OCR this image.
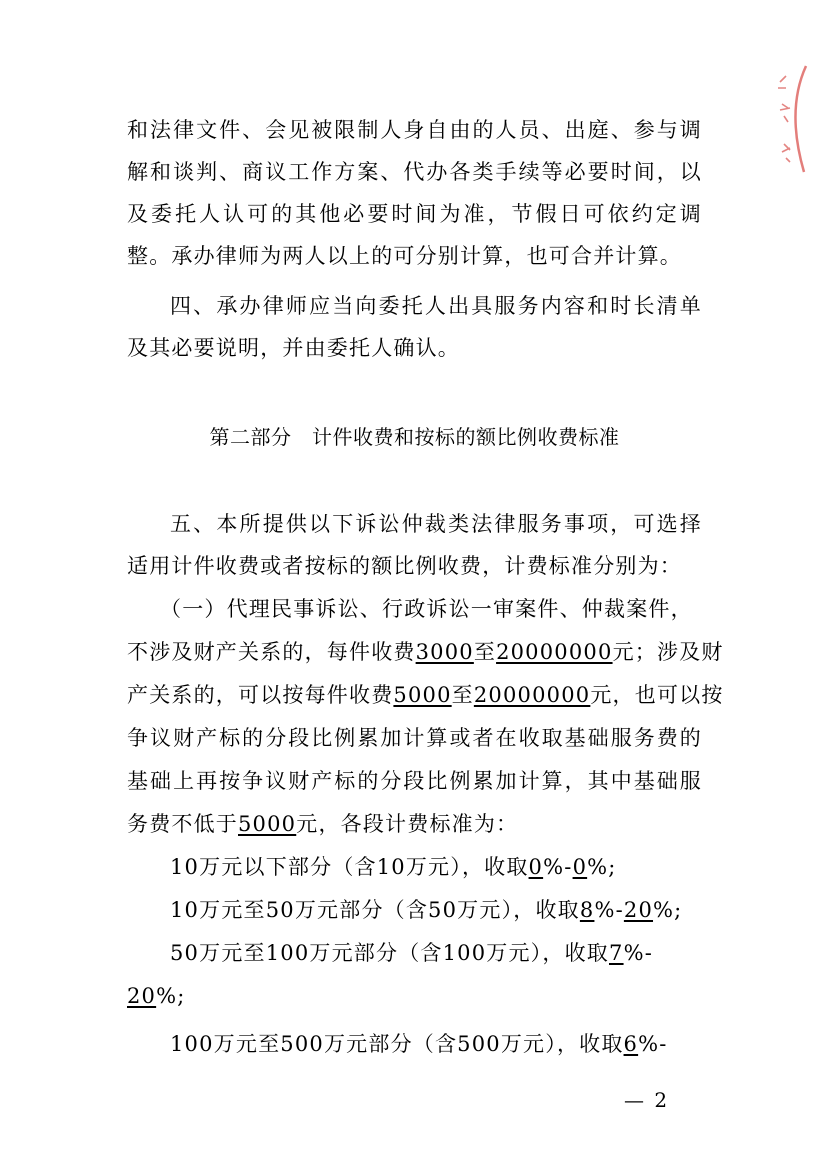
和法律文件、会见被限制人身自由的人员、出庭、参与调
解和谈判、商议工作方案、代办各类手续等必要时间，以
及委托人认可的其他必要时间为准，节假日可依约定调
整。承办律师为两人以上的可分别计算，也可合并计算。
四、承办律师应当向委托人出具服务内容和时长清单
及其必要说明，并由委托人确认。
第二部分　计件收费和按标的额比例收费标准
五、本所提供以下诉讼仲裁类法律服务事项，可选择
适用计件收费或者按标的额比例收费，计费标准分别为：
（一）代理民事诉讼、行政诉讼一审案件、仲裁案件，
不涉及财产关系的，每件收费3000至20000000元；涉及财
产关系的，可以按每件收费5000至20000000元，也可以按
争议财产标的分段比例累加计算或者在收取基础服务费的
基础上再按争议财产标的分段比例累加计算，其中基础服
务费不低于5000元，各段计费标准为：
10万元以下部分（含10万元），收取0%-0%;
10万元至50万元部分（含50万元），收取8%-20%;
50万元至100万元部分（含100万元），收取7%-
20%;
100万元至500万元部分（含500万元），收取6%-
— 2
